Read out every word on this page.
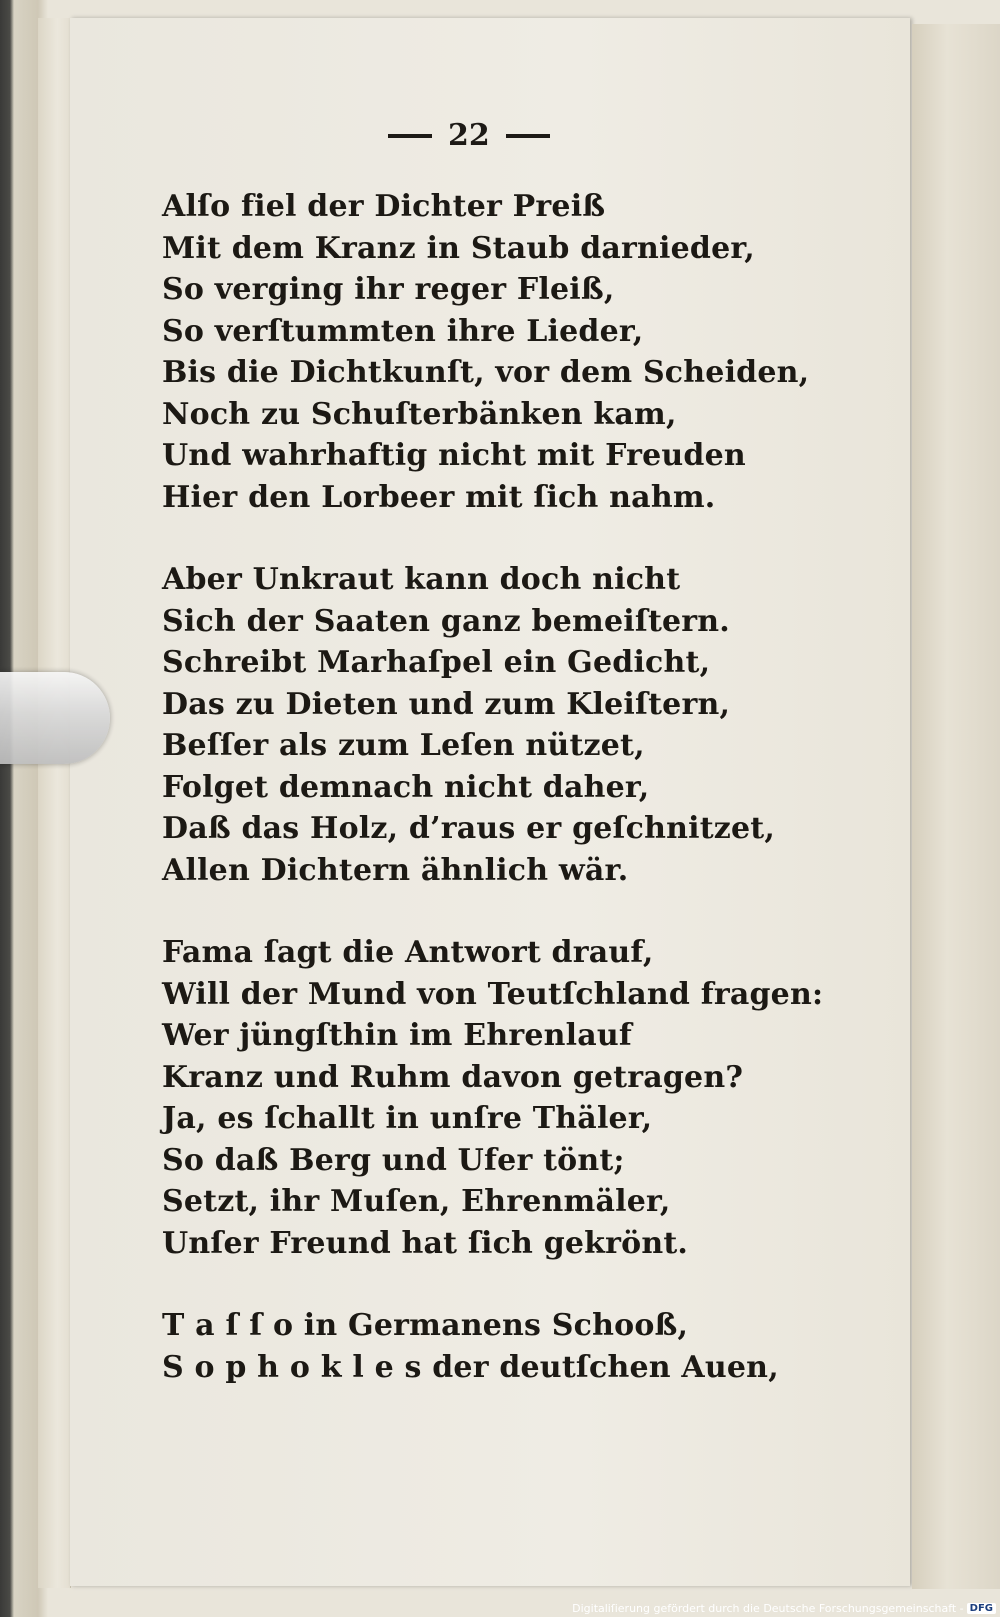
22
Alſo fiel der Dichter Preiß
Mit dem Kranz in Staub darnieder,
So verging ihr reger Fleiß,
So verſtummten ihre Lieder,
Bis die Dichtkunſt, vor dem Scheiden,
Noch zu Schuſterbänken kam,
Und wahrhaftig nicht mit Freuden
Hier den Lorbeer mit ſich nahm.
Aber Unkraut kann doch nicht
Sich der Saaten ganz bemeiſtern.
Schreibt Marhaſpel ein Gedicht,
Das zu Dieten und zum Kleiſtern,
Beſſer als zum Leſen nützet,
Folget demnach nicht daher,
Daß das Holz, d’raus er geſchnitzet,
Allen Dichtern ähnlich wär.
Fama ſagt die Antwort drauf,
Will der Mund von Teutſchland fragen:
Wer jüngſthin im Ehrenlauf
Kranz und Ruhm davon getragen?
Ja, es ſchallt in unſre Thäler,
So daß Berg und Ufer tönt;
Setzt, ihr Muſen, Ehrenmäler,
Unſer Freund hat ſich gekrönt.
T a ſ ſ o in Germanens Schooß,
S o p h o k l e s der deutſchen Auen,
Digitaliſierung gefördert durch die Deutsche Forschungsgemeinschaft - DFG
